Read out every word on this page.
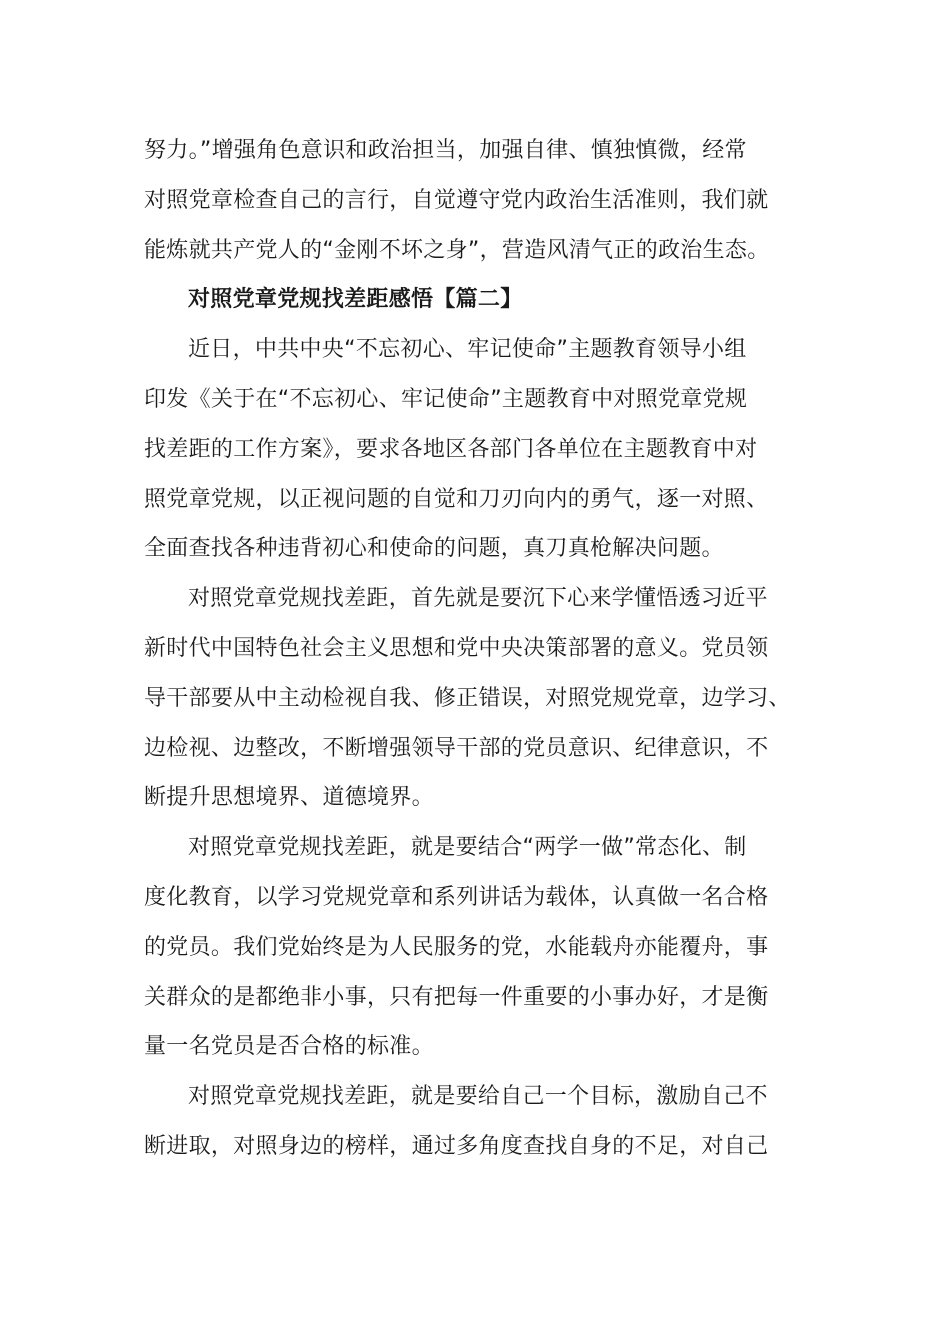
努力。”增强角色意识和政治担当，加强自律、慎独慎微，经常
对照党章检查自己的言行，自觉遵守党内政治生活准则，我们就
能炼就共产党人的“金刚不坏之身”，营造风清气正的政治生态。
对照党章党规找差距感悟【篇二】
近日，中共中央“不忘初心、牢记使命”主题教育领导小组
印发《关于在“不忘初心、牢记使命”主题教育中对照党章党规
找差距的工作方案》，要求各地区各部门各单位在主题教育中对
照党章党规，以正视问题的自觉和刀刃向内的勇气，逐一对照、
全面查找各种违背初心和使命的问题，真刀真枪解决问题。
对照党章党规找差距，首先就是要沉下心来学懂悟透习近平
新时代中国特色社会主义思想和党中央决策部署的意义。党员领
导干部要从中主动检视自我、修正错误，对照党规党章，边学习、
边检视、边整改，不断增强领导干部的党员意识、纪律意识，不
断提升思想境界、道德境界。
对照党章党规找差距，就是要结合“两学一做”常态化、制
度化教育，以学习党规党章和系列讲话为载体，认真做一名合格
的党员。我们党始终是为人民服务的党，水能载舟亦能覆舟，事
关群众的是都绝非小事，只有把每一件重要的小事办好，才是衡
量一名党员是否合格的标准。
对照党章党规找差距，就是要给自己一个目标，激励自己不
断进取，对照身边的榜样，通过多角度查找自身的不足，对自己
